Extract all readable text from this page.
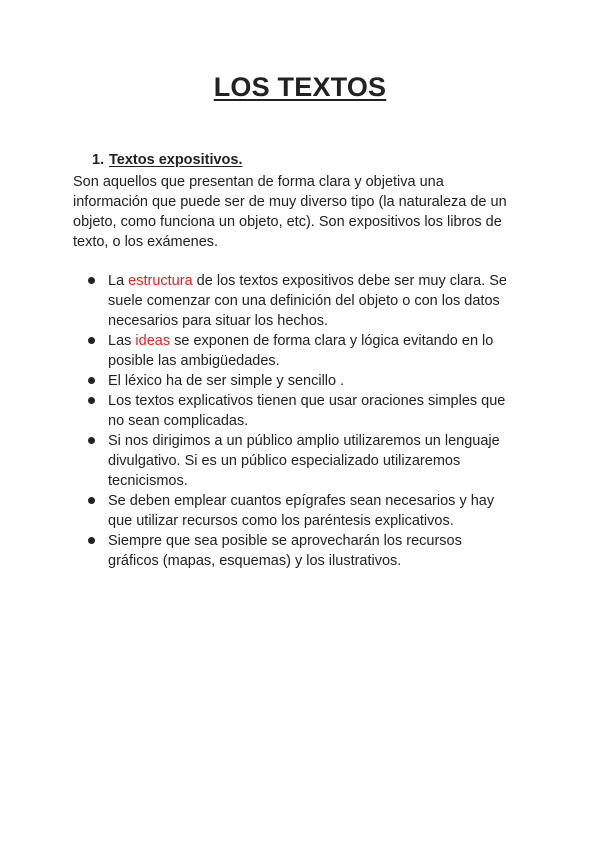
LOS TEXTOS
1. Textos expositivos.
Son aquellos que presentan de forma clara y objetiva una
información que puede ser de muy diverso tipo (la naturaleza de un
objeto, como funciona un objeto, etc). Son expositivos los libros de
texto, o los exámenes.
La estructura de los textos expositivos debe ser muy clara. Se
suele comenzar con una definición del objeto o con los datos
necesarios para situar los hechos.
Las ideas se exponen de forma clara y lógica evitando en lo
posible las ambigüedades.
El léxico ha de ser simple y sencillo .
Los textos explicativos tienen que usar oraciones simples que
no sean complicadas.
Si nos dirigimos a un público amplio utilizaremos un lenguaje
divulgativo. Si es un público especializado utilizaremos
tecnicismos.
Se deben emplear cuantos epígrafes sean necesarios y hay
que utilizar recursos como los paréntesis explicativos.
Siempre que sea posible se aprovecharán los recursos
gráficos (mapas, esquemas) y los ilustrativos.
